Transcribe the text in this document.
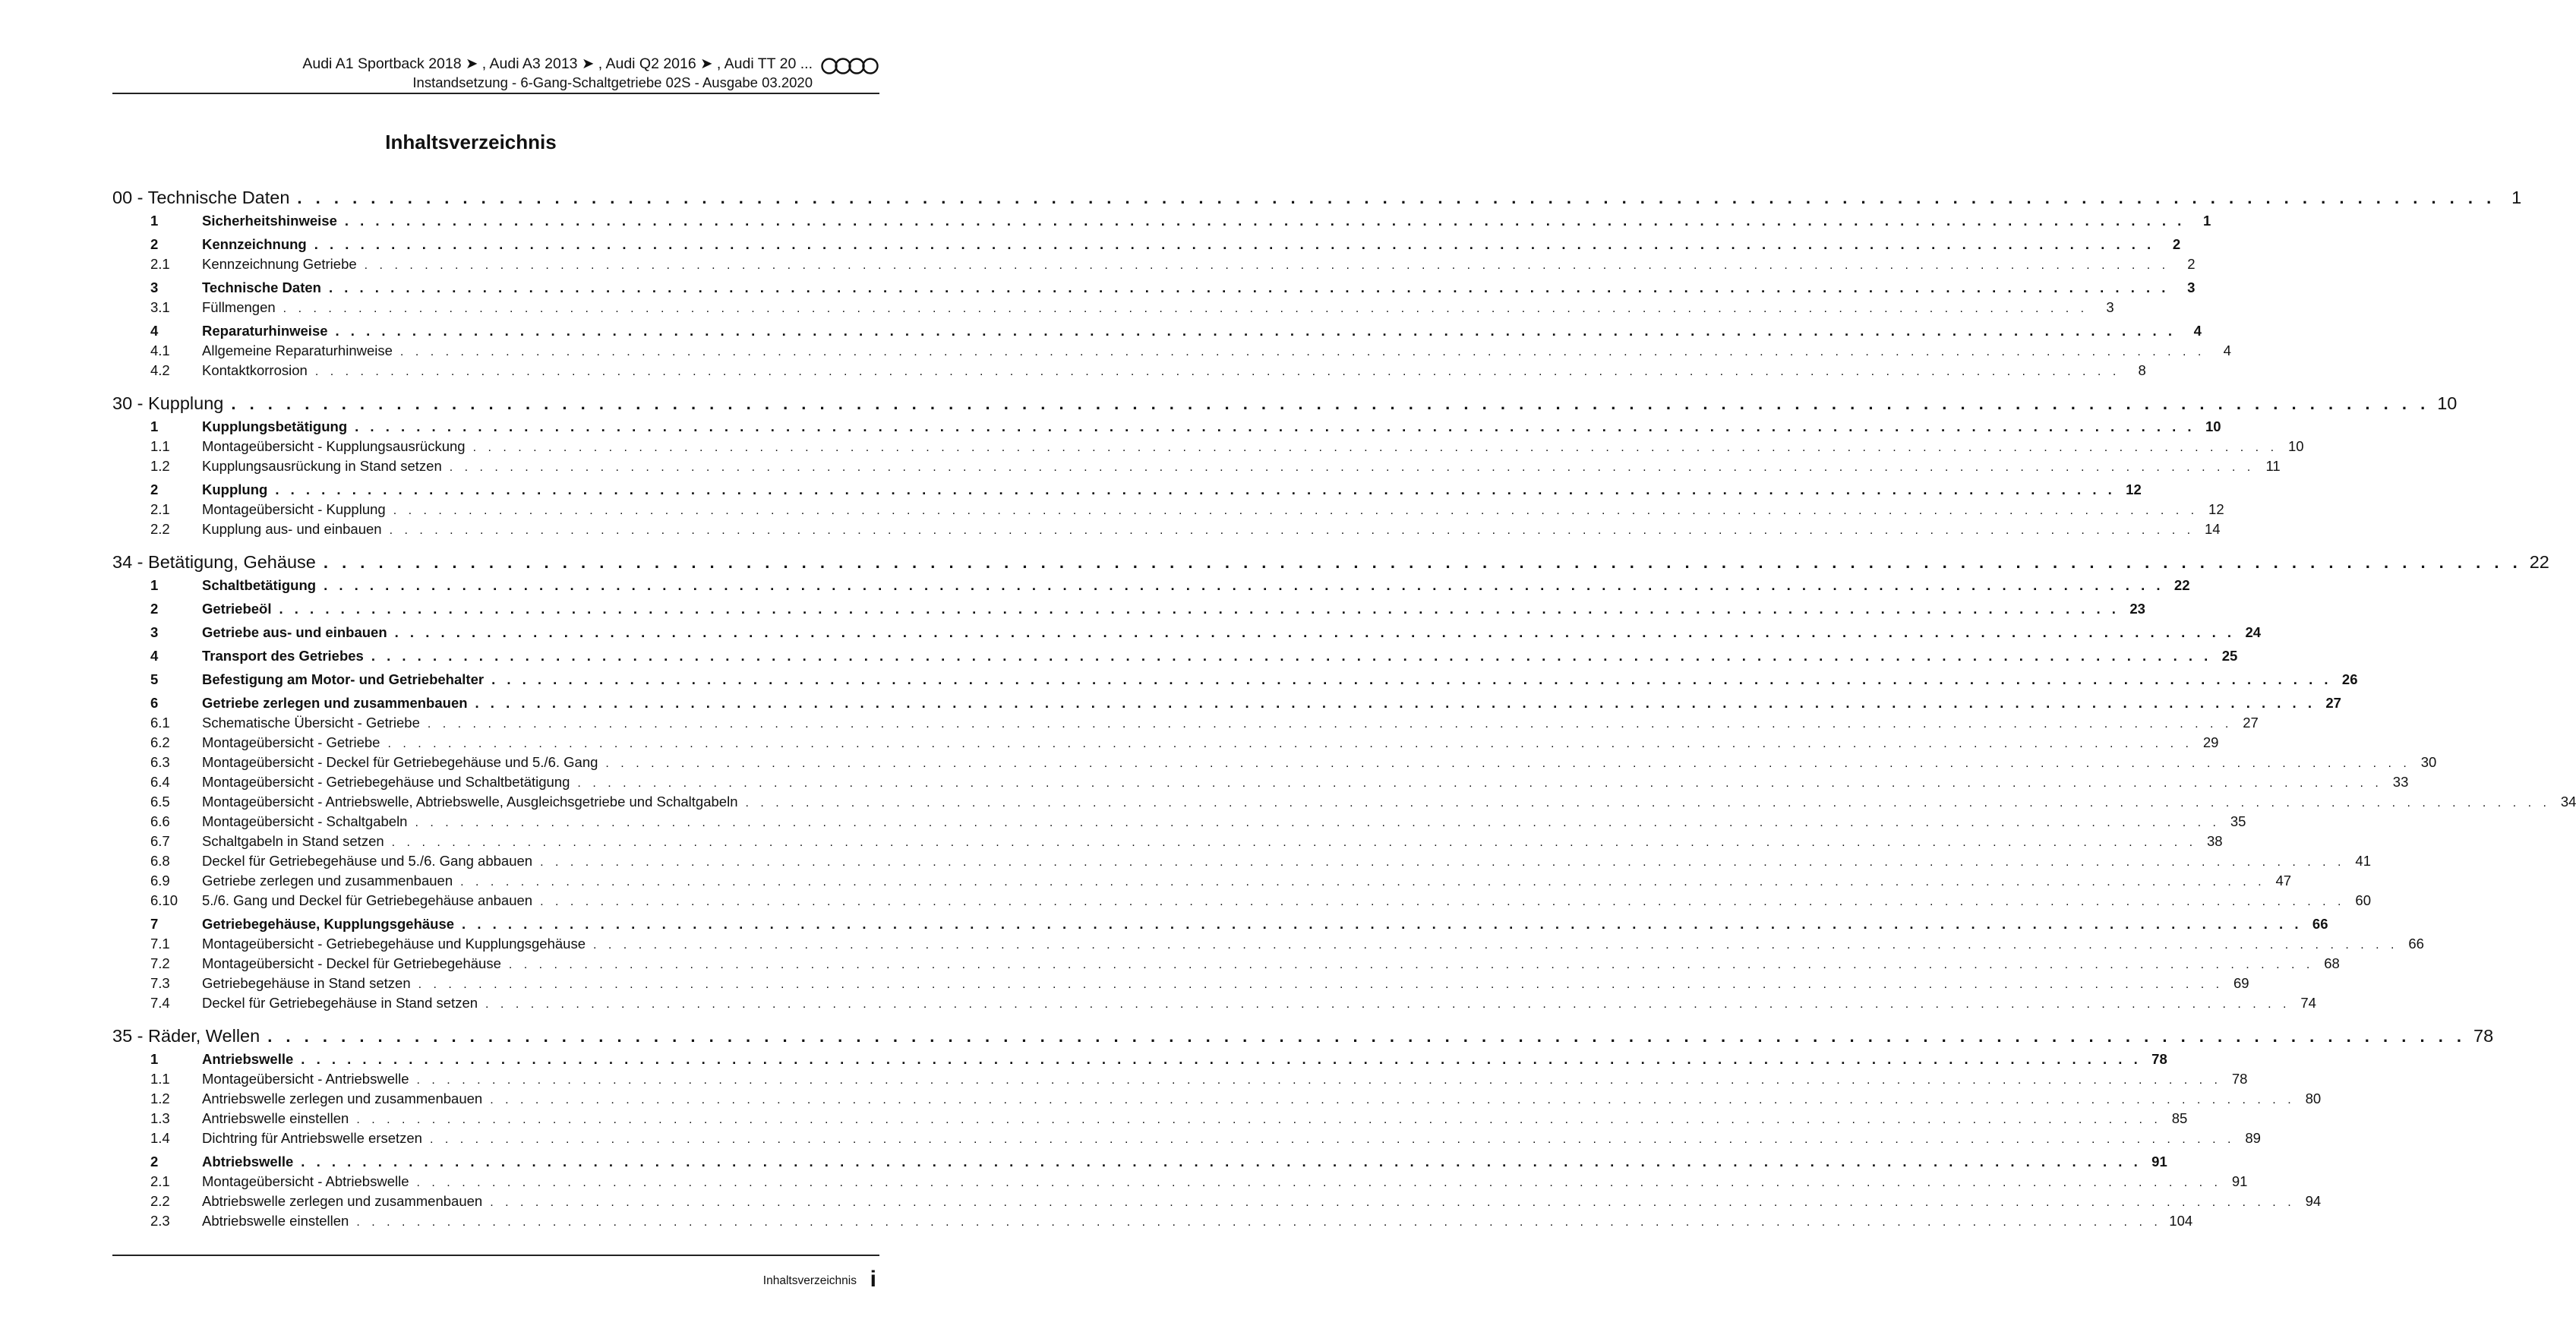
Audi A1 Sportback 2018 ➤ , Audi A3 2013 ➤ , Audi Q2 2016 ➤ , Audi TT 20 ...
Instandsetzung - 6-Gang-Schaltgetriebe 02S - Ausgabe 03.2020
Inhaltsverzeichnis
00 - Technische Daten . . . . . . . . . . . . . . . . . . . . . . . . . . . . . . . . . . . . . . . . . . . . . . . . . . . . . . . . . . . . . . . . . . . . . . . . . . . . . . . . . . . . . . . . . . . . . . . . . . . . . . . . . . . . . . . . . . . . . . . . 1
1	Sicherheitshinweise . . . . . . . . . . . . . . . . . . . . . . . . . . . . . . . . . . . . . . . . . . . . . . . . . . . . . . . . . . . . . . . . . . . . . . . . . . . . . . . . . . . . . . . . . . . . . . . . . . . . . . . . . . . . . . . . . . . . . . . .	1
2	Kennzeichnung . . . . . . . . . . . . . . . . . . . . . . . . . . . . . . . . . . . . . . . . . . . . . . . . . . . . . . . . . . . . . . . . . . . . . . . . . . . . . . . . . . . . . . . . . . . . . . . . . . . . . . . . . . . . . . . . . . . . . . . .	2
2.1 Kennzeichnung Getriebe . . . . . . . . . . . . . . . . . . . . . . . . . . . . . . . . . . . . . . . . . . . . . . . . . . . . . . . . . . . . . . . . . . . . . . . . . . . . . . . . . . . . . . . . . . . . . . . . . . . . . . . . . . . . . . . . . . . . . . . .	2
3	Technische Daten . . . . . . . . . . . . . . . . . . . . . . . . . . . . . . . . . . . . . . . . . . . . . . . . . . . . . . . . . . . . . . . . . . . . . . . . . . . . . . . . . . . . . . . . . . . . . . . . . . . . . . . . . . . . . . . . . . . . . . . .	3
3.1 Füllmengen . . . . . . . . . . . . . . . . . . . . . . . . . . . . . . . . . . . . . . . . . . . . . . . . . . . . . . . . . . . . . . . . . . . . . . . . . . . . . . . . . . . . . . . . . . . . . . . . . . . . . . . . . . . . . . . . . . . . . . . .	3
4	Reparaturhinweise . . . . . . . . . . . . . . . . . . . . . . . . . . . . . . . . . . . . . . . . . . . . . . . . . . . . . . . . . . . . . . . . . . . . . . . . . . . . . . . . . . . . . . . . . . . . . . . . . . . . . . . . . . . . . . . . . . . . . . . .	4
4.1 Allgemeine Reparaturhinweise . . . . . . . . . . . . . . . . . . . . . . . . . . . . . . . . . . . . . . . . . . . . . . . . . . . . . . . . . . . . . . . . . . . . . . . . . . . . . . . . . . . . . . . . . . . . . . . . . . . . . . . . . . . . . . . . . . . . . . . .	4
4.2 Kontaktkorrosion . . . . . . . . . . . . . . . . . . . . . . . . . . . . . . . . . . . . . . . . . . . . . . . . . . . . . . . . . . . . . . . . . . . . . . . . . . . . . . . . . . . . . . . . . . . . . . . . . . . . . . . . . . . . . . . . . . . . . . . .	8
30 - Kupplung . . . . . . . . . . . . . . . . . . . . . . . . . . . . . . . . . . . . . . . . . . . . . . . . . . . . . . . . . . . . . . . . . . . . . . . . . . . . . . . . . . . . . . . . . . . . . . . . . . . . . . . . . . . . . . . . . . . . . . . . 10
1	Kupplungsbetätigung . . . . . . . . . . . . . . . . . . . . . . . . . . . . . . . . . . . . . . . . . . . . . . . . . . . . . . . . . . . . . . . . . . . . . . . . . . . . . . . . . . . . . . . . . . . . . . . . . . . . . . . . . . . . . . . . . . . . . . . . 10
1.1 Montageübersicht - Kupplungsausrückung . . . . . . . . . . . . . . . . . . . . . . . . . . . . . . . . . . . . . . . . . . . . . . . . . . . . . . . . . . . . . . . . . . . . . . . . . . . . . . . . . . . . . . . . . . . . . . . . . . . . . . . . . . . . . . . . . . . . . . . . 10
1.2 Kupplungsausrückung in Stand setzen . . . . . . . . . . . . . . . . . . . . . . . . . . . . . . . . . . . . . . . . . . . . . . . . . . . . . . . . . . . . . . . . . . . . . . . . . . . . . . . . . . . . . . . . . . . . . . . . . . . . . . . . . . . . . . . . . . . . . . . . 11
2	Kupplung . . . . . . . . . . . . . . . . . . . . . . . . . . . . . . . . . . . . . . . . . . . . . . . . . . . . . . . . . . . . . . . . . . . . . . . . . . . . . . . . . . . . . . . . . . . . . . . . . . . . . . . . . . . . . . . . . . . . . . . . 12
2.1 Montageübersicht - Kupplung . . . . . . . . . . . . . . . . . . . . . . . . . . . . . . . . . . . . . . . . . . . . . . . . . . . . . . . . . . . . . . . . . . . . . . . . . . . . . . . . . . . . . . . . . . . . . . . . . . . . . . . . . . . . . . . . . . . . . . . . 12
2.2 Kupplung aus- und einbauen . . . . . . . . . . . . . . . . . . . . . . . . . . . . . . . . . . . . . . . . . . . . . . . . . . . . . . . . . . . . . . . . . . . . . . . . . . . . . . . . . . . . . . . . . . . . . . . . . . . . . . . . . . . . . . . . . . . . . . . . 14
34 - Betätigung, Gehäuse . . . . . . . . . . . . . . . . . . . . . . . . . . . . . . . . . . . . . . . . . . . . . . . . . . . . . . . . . . . . . . . . . . . . . . . . . . . . . . . . . . . . . . . . . . . . . . . . . . . . . . . . . . . . . . . . . . . . . . . . 22
1	Schaltbetätigung . . . . . . . . . . . . . . . . . . . . . . . . . . . . . . . . . . . . . . . . . . . . . . . . . . . . . . . . . . . . . . . . . . . . . . . . . . . . . . . . . . . . . . . . . . . . . . . . . . . . . . . . . . . . . . . . . . . . . . . . 22
2	Getriebeöl . . . . . . . . . . . . . . . . . . . . . . . . . . . . . . . . . . . . . . . . . . . . . . . . . . . . . . . . . . . . . . . . . . . . . . . . . . . . . . . . . . . . . . . . . . . . . . . . . . . . . . . . . . . . . . . . . . . . . . . . 23
3	Getriebe aus- und einbauen . . . . . . . . . . . . . . . . . . . . . . . . . . . . . . . . . . . . . . . . . . . . . . . . . . . . . . . . . . . . . . . . . . . . . . . . . . . . . . . . . . . . . . . . . . . . . . . . . . . . . . . . . . . . . . . . . . . . . . . . 24
4	Transport des Getriebes . . . . . . . . . . . . . . . . . . . . . . . . . . . . . . . . . . . . . . . . . . . . . . . . . . . . . . . . . . . . . . . . . . . . . . . . . . . . . . . . . . . . . . . . . . . . . . . . . . . . . . . . . . . . . . . . . . . . . . . . 25
5	Befestigung am Motor- und Getriebehalter . . . . . . . . . . . . . . . . . . . . . . . . . . . . . . . . . . . . . . . . . . . . . . . . . . . . . . . . . . . . . . . . . . . . . . . . . . . . . . . . . . . . . . . . . . . . . . . . . . . . . . . . . . . . . . . . . . . . . . . . 26
6	Getriebe zerlegen und zusammenbauen . . . . . . . . . . . . . . . . . . . . . . . . . . . . . . . . . . . . . . . . . . . . . . . . . . . . . . . . . . . . . . . . . . . . . . . . . . . . . . . . . . . . . . . . . . . . . . . . . . . . . . . . . . . . . . . . . . . . . . . . 27
6.1 Schematische Übersicht - Getriebe . . . . . . . . . . . . . . . . . . . . . . . . . . . . . . . . . . . . . . . . . . . . . . . . . . . . . . . . . . . . . . . . . . . . . . . . . . . . . . . . . . . . . . . . . . . . . . . . . . . . . . . . . . . . . . . . . . . . . . . . 27
6.2 Montageübersicht - Getriebe . . . . . . . . . . . . . . . . . . . . . . . . . . . . . . . . . . . . . . . . . . . . . . . . . . . . . . . . . . . . . . . . . . . . . . . . . . . . . . . . . . . . . . . . . . . . . . . . . . . . . . . . . . . . . . . . . . . . . . . . 29
6.3 Montageübersicht - Deckel für Getriebegehäuse und 5./6. Gang . . . . . . . . . . . . . . . . . . . . . . . . . . . . . . . . . . . . . . . . . . . . . . . . . . . . . . . . . . . . . . . . . . . . . . . . . . . . . . . . . . . . . . . . . . . . . . . . . . . . . . . . . . . . . . . . . . . . . . . . 30
6.4 Montageübersicht - Getriebegehäuse und Schaltbetätigung . . . . . . . . . . . . . . . . . . . . . . . . . . . . . . . . . . . . . . . . . . . . . . . . . . . . . . . . . . . . . . . . . . . . . . . . . . . . . . . . . . . . . . . . . . . . . . . . . . . . . . . . . . . . . . . . . . . . . . . . 33
6.5 Montageübersicht - Antriebswelle, Abtriebswelle, Ausgleichsgetriebe und Schaltgabeln . . . . . . . . . . . . . . . . . . . . . . . . . . . . . . . . . . . . . . . . . . . . . . . . . . . . . . . . . . . . . . . . . . . . . . . . . . . . . . . . . . . . . . . . . . . . . . . . . . . . . . . . . . . . . . . . . . . . . . . . 34
6.6 Montageübersicht - Schaltgabeln . . . . . . . . . . . . . . . . . . . . . . . . . . . . . . . . . . . . . . . . . . . . . . . . . . . . . . . . . . . . . . . . . . . . . . . . . . . . . . . . . . . . . . . . . . . . . . . . . . . . . . . . . . . . . . . . . . . . . . . . 35
6.7 Schaltgabeln in Stand setzen . . . . . . . . . . . . . . . . . . . . . . . . . . . . . . . . . . . . . . . . . . . . . . . . . . . . . . . . . . . . . . . . . . . . . . . . . . . . . . . . . . . . . . . . . . . . . . . . . . . . . . . . . . . . . . . . . . . . . . . . 38
6.8 Deckel für Getriebegehäuse und 5./6. Gang abbauen . . . . . . . . . . . . . . . . . . . . . . . . . . . . . . . . . . . . . . . . . . . . . . . . . . . . . . . . . . . . . . . . . . . . . . . . . . . . . . . . . . . . . . . . . . . . . . . . . . . . . . . . . . . . . . . . . . . . . . . . 41
6.9 Getriebe zerlegen und zusammenbauen . . . . . . . . . . . . . . . . . . . . . . . . . . . . . . . . . . . . . . . . . . . . . . . . . . . . . . . . . . . . . . . . . . . . . . . . . . . . . . . . . . . . . . . . . . . . . . . . . . . . . . . . . . . . . . . . . . . . . . . . 47
6.10 5./6. Gang und Deckel für Getriebegehäuse anbauen . . . . . . . . . . . . . . . . . . . . . . . . . . . . . . . . . . . . . . . . . . . . . . . . . . . . . . . . . . . . . . . . . . . . . . . . . . . . . . . . . . . . . . . . . . . . . . . . . . . . . . . . . . . . . . . . . . . . . . . . 60
7	Getriebegehäuse, Kupplungsgehäuse . . . . . . . . . . . . . . . . . . . . . . . . . . . . . . . . . . . . . . . . . . . . . . . . . . . . . . . . . . . . . . . . . . . . . . . . . . . . . . . . . . . . . . . . . . . . . . . . . . . . . . . . . . . . . . . . . . . . . . . . 66
7.1 Montageübersicht - Getriebegehäuse und Kupplungsgehäuse . . . . . . . . . . . . . . . . . . . . . . . . . . . . . . . . . . . . . . . . . . . . . . . . . . . . . . . . . . . . . . . . . . . . . . . . . . . . . . . . . . . . . . . . . . . . . . . . . . . . . . . . . . . . . . . . . . . . . . . . 66
7.2 Montageübersicht - Deckel für Getriebegehäuse . . . . . . . . . . . . . . . . . . . . . . . . . . . . . . . . . . . . . . . . . . . . . . . . . . . . . . . . . . . . . . . . . . . . . . . . . . . . . . . . . . . . . . . . . . . . . . . . . . . . . . . . . . . . . . . . . . . . . . . . 68
7.3 Getriebegehäuse in Stand setzen . . . . . . . . . . . . . . . . . . . . . . . . . . . . . . . . . . . . . . . . . . . . . . . . . . . . . . . . . . . . . . . . . . . . . . . . . . . . . . . . . . . . . . . . . . . . . . . . . . . . . . . . . . . . . . . . . . . . . . . . 69
7.4 Deckel für Getriebegehäuse in Stand setzen . . . . . . . . . . . . . . . . . . . . . . . . . . . . . . . . . . . . . . . . . . . . . . . . . . . . . . . . . . . . . . . . . . . . . . . . . . . . . . . . . . . . . . . . . . . . . . . . . . . . . . . . . . . . . . . . . . . . . . . . 74
35 - Räder, Wellen . . . . . . . . . . . . . . . . . . . . . . . . . . . . . . . . . . . . . . . . . . . . . . . . . . . . . . . . . . . . . . . . . . . . . . . . . . . . . . . . . . . . . . . . . . . . . . . . . . . . . . . . . . . . . . . . . . . . . . . . 78
1	Antriebswelle . . . . . . . . . . . . . . . . . . . . . . . . . . . . . . . . . . . . . . . . . . . . . . . . . . . . . . . . . . . . . . . . . . . . . . . . . . . . . . . . . . . . . . . . . . . . . . . . . . . . . . . . . . . . . . . . . . . . . . . . 78
1.1 Montageübersicht - Antriebswelle . . . . . . . . . . . . . . . . . . . . . . . . . . . . . . . . . . . . . . . . . . . . . . . . . . . . . . . . . . . . . . . . . . . . . . . . . . . . . . . . . . . . . . . . . . . . . . . . . . . . . . . . . . . . . . . . . . . . . . . . 78
1.2 Antriebswelle zerlegen und zusammenbauen . . . . . . . . . . . . . . . . . . . . . . . . . . . . . . . . . . . . . . . . . . . . . . . . . . . . . . . . . . . . . . . . . . . . . . . . . . . . . . . . . . . . . . . . . . . . . . . . . . . . . . . . . . . . . . . . . . . . . . . . 80
1.3 Antriebswelle einstellen . . . . . . . . . . . . . . . . . . . . . . . . . . . . . . . . . . . . . . . . . . . . . . . . . . . . . . . . . . . . . . . . . . . . . . . . . . . . . . . . . . . . . . . . . . . . . . . . . . . . . . . . . . . . . . . . . . . . . . . . 85
1.4 Dichtring für Antriebswelle ersetzen . . . . . . . . . . . . . . . . . . . . . . . . . . . . . . . . . . . . . . . . . . . . . . . . . . . . . . . . . . . . . . . . . . . . . . . . . . . . . . . . . . . . . . . . . . . . . . . . . . . . . . . . . . . . . . . . . . . . . . . . 89
2	Abtriebswelle . . . . . . . . . . . . . . . . . . . . . . . . . . . . . . . . . . . . . . . . . . . . . . . . . . . . . . . . . . . . . . . . . . . . . . . . . . . . . . . . . . . . . . . . . . . . . . . . . . . . . . . . . . . . . . . . . . . . . . . . 91
2.1 Montageübersicht - Abtriebswelle . . . . . . . . . . . . . . . . . . . . . . . . . . . . . . . . . . . . . . . . . . . . . . . . . . . . . . . . . . . . . . . . . . . . . . . . . . . . . . . . . . . . . . . . . . . . . . . . . . . . . . . . . . . . . . . . . . . . . . . . 91
2.2 Abtriebswelle zerlegen und zusammenbauen . . . . . . . . . . . . . . . . . . . . . . . . . . . . . . . . . . . . . . . . . . . . . . . . . . . . . . . . . . . . . . . . . . . . . . . . . . . . . . . . . . . . . . . . . . . . . . . . . . . . . . . . . . . . . . . . . . . . . . . . 94
2.3 Abtriebswelle einstellen . . . . . . . . . . . . . . . . . . . . . . . . . . . . . . . . . . . . . . . . . . . . . . . . . . . . . . . . . . . . . . . . . . . . . . . . . . . . . . . . . . . . . . . . . . . . . . . . . . . . . . . . . . . . . . . . . . . . . . . . 104
Inhaltsverzeichnis i
